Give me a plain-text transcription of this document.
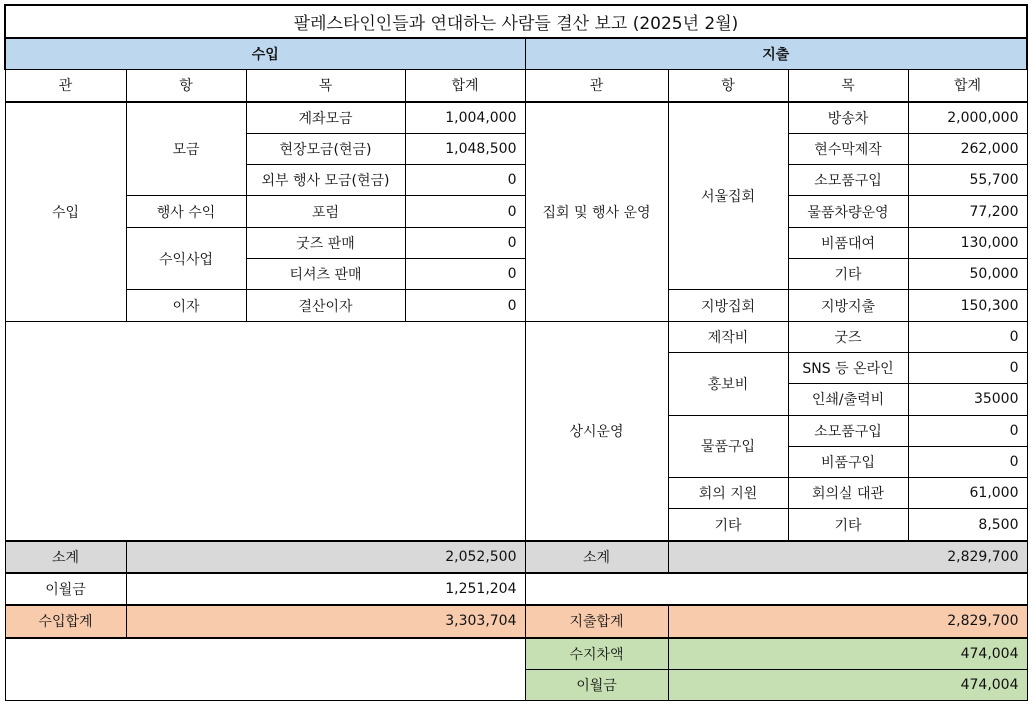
팔레스타인인들과 연대하는 사람들 결산 보고 (2025년 2월)							
수입				지출			
관	항	목	합계	관	항	목	합계
수입	모금	계좌모금	1,004,000	집회 및 행사 운영	서울집회	방송차	2,000,000
		현장모금(현금)	1,048,500			현수막제작	262,000
		외부 행사 모금(현금)	0			소모품구입	55,700
	행사 수익	포럼	0			물품차량운영	77,200
	수익사업	굿즈 판매	0			비품대여	130,000
		티셔츠 판매	0			기타	50,000
	이자	결산이자	0		지방집회	지방지출	150,300
				상시운영	제작비	굿즈	0
					홍보비	SNS 등 온라인	0
						인쇄/출력비	35000
					물품구입	소모품구입	0
						비품구입	0
					회의 지원	회의실 대관	61,000
					기타	기타	8,500
소계	2,052,500			소계	2,829,700		
이월금	1,251,204						
수입합계	3,303,704			지출합계	2,829,700		
				수지차액	474,004		
				이월금	474,004		
